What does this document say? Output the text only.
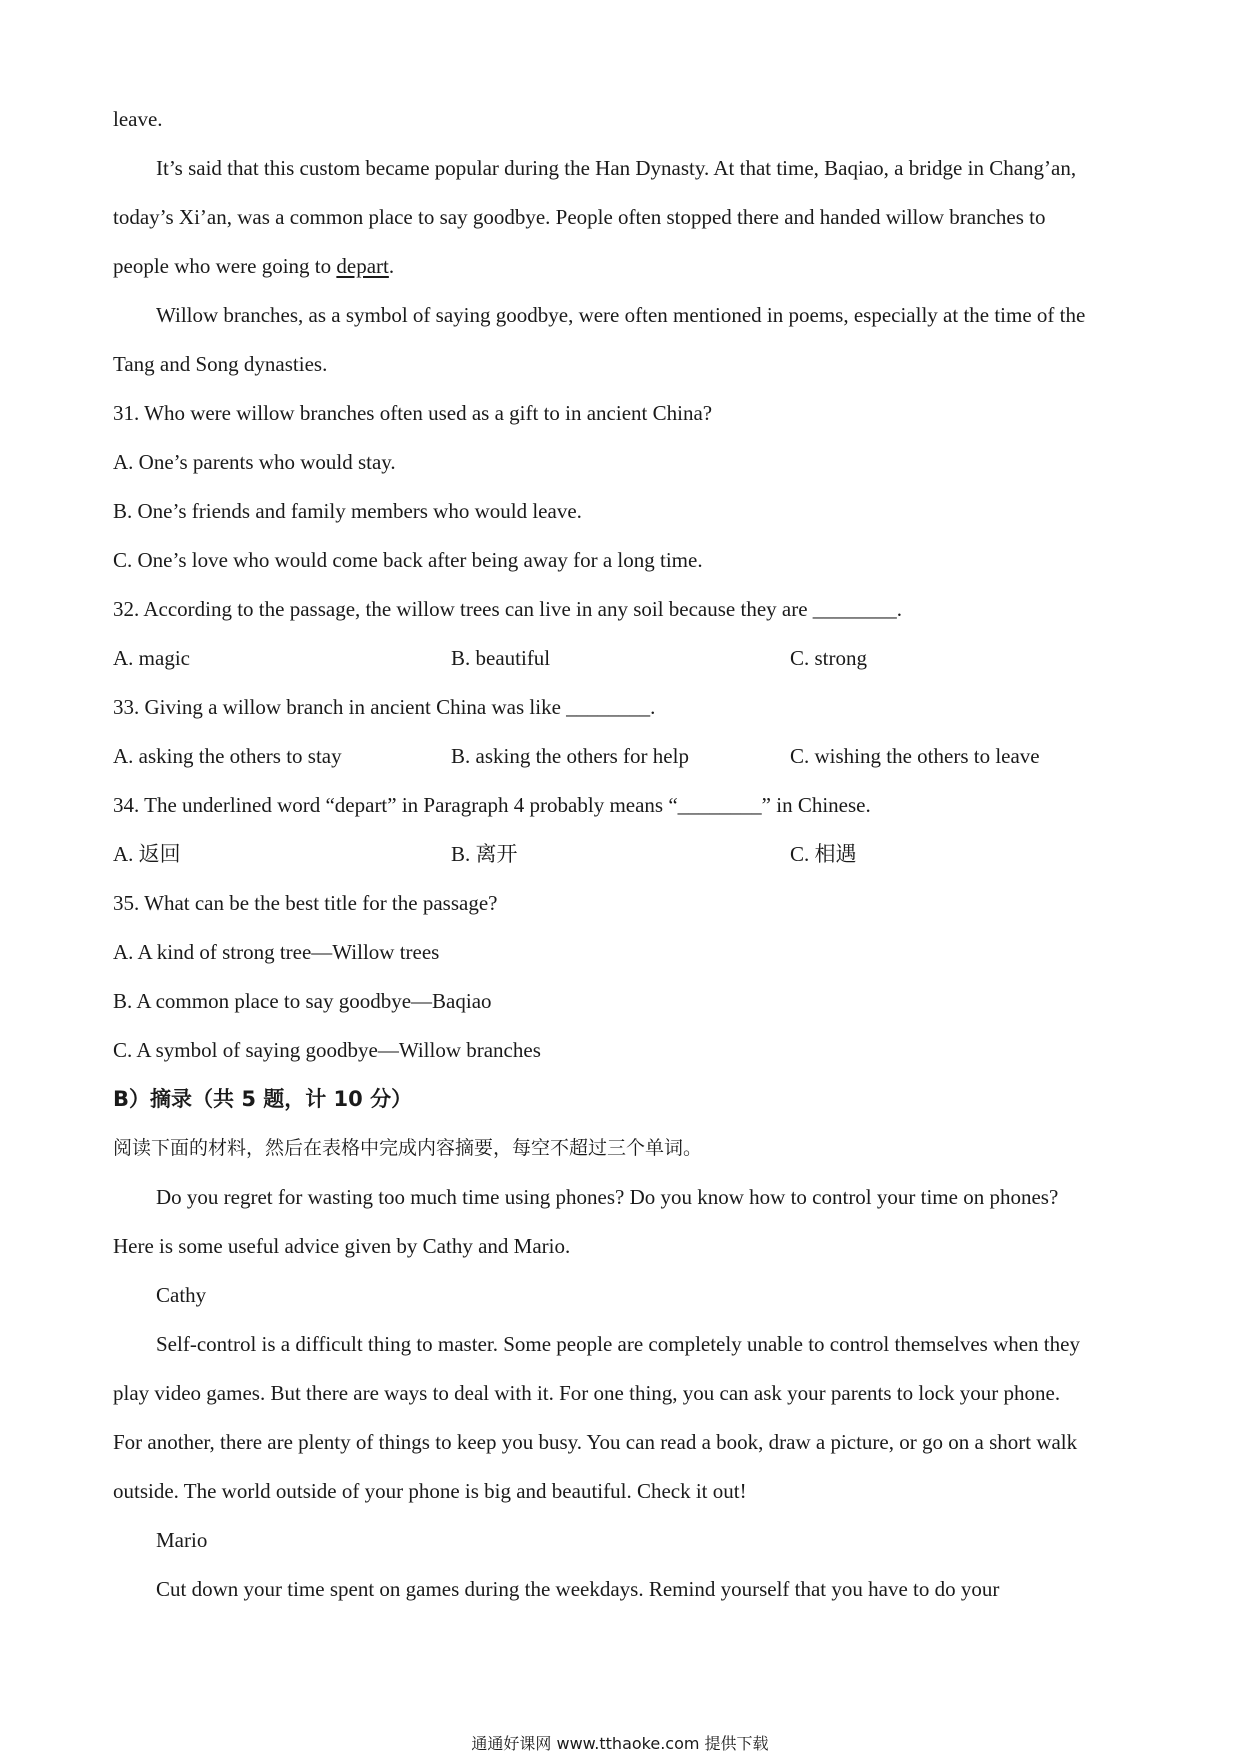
leave.
It’s said that this custom became popular during the Han Dynasty. At that time, Baqiao, a bridge in Chang’an,
today’s Xi’an, was a common place to say goodbye. People often stopped there and handed willow branches to
people who were going to depart.
Willow branches, as a symbol of saying goodbye, were often mentioned in poems, especially at the time of the
Tang and Song dynasties.
31. Who were willow branches often used as a gift to in ancient China?
A. One’s parents who would stay.
B. One’s friends and family members who would leave.
C. One’s love who would come back after being away for a long time.
32. According to the passage, the willow trees can live in any soil because they are ________.
A. magic	B. beautiful	C. strong
33. Giving a willow branch in ancient China was like ________.
A. asking the others to stay	B. asking the others for help	C. wishing the others to leave
34. The underlined word “depart” in Paragraph 4 probably means “________” in Chinese.
A. 返回	B. 离开	C. 相遇
35. What can be the best title for the passage?
A. A kind of strong tree—Willow trees
B. A common place to say goodbye—Baqiao
C. A symbol of saying goodbye—Willow branches
B）摘录（共 5 题，计 10 分）
阅读下面的材料，然后在表格中完成内容摘要，每空不超过三个单词。
Do you regret for wasting too much time using phones? Do you know how to control your time on phones?
Here is some useful advice given by Cathy and Mario.
Cathy
Self-control is a difficult thing to master. Some people are completely unable to control themselves when they
play video games. But there are ways to deal with it. For one thing, you can ask your parents to lock your phone.
For another, there are plenty of things to keep you busy. You can read a book, draw a picture, or go on a short walk
outside. The world outside of your phone is big and beautiful. Check it out!
Mario
Cut down your time spent on games during the weekdays. Remind yourself that you have to do your
通通好课网 www.tthaoke.com 提供下载
